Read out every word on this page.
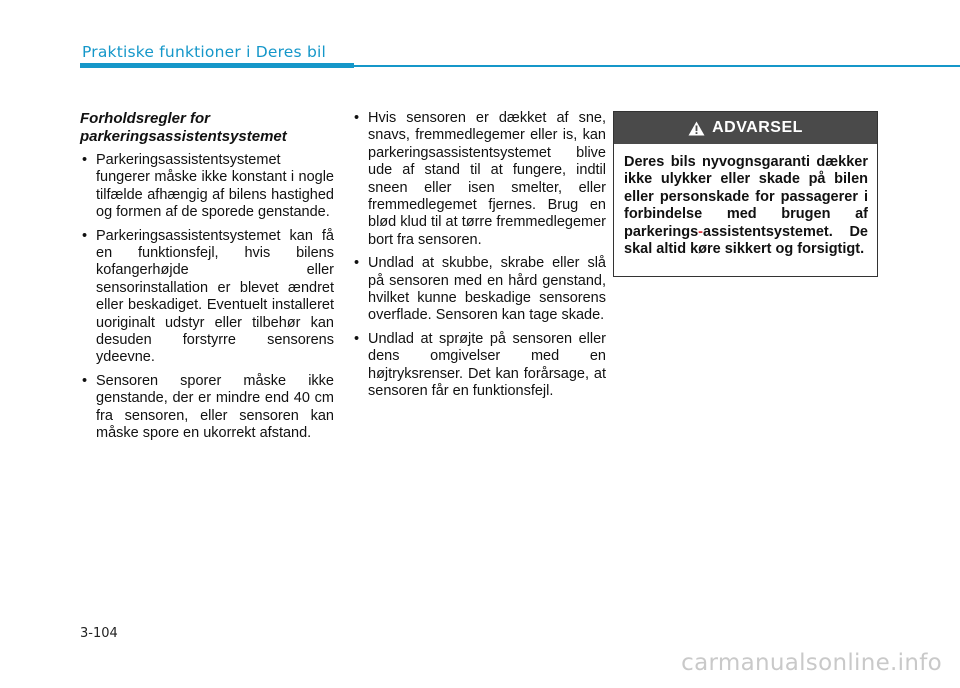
Praktiske funktioner i Deres bil
Forholdsregler for parkeringsassistentsystemet
• Parkeringsassistentsystemet fungerer måske ikke konstant i nogle tilfælde afhængig af bilens hastighed og formen af de sporede genstande.
• Parkeringsassistentsystemet kan få en funktionsfejl, hvis bilens kofangerhøjde eller sensorinstallation er blevet ændret eller beskadiget. Eventuelt installeret uoriginalt udstyr eller tilbehør kan desuden forstyrre sensorens ydeevne.
• Sensoren sporer måske ikke genstande, der er mindre end 40 cm fra sensoren, eller sensoren kan måske spore en ukorrekt afstand.
• Hvis sensoren er dækket af sne, snavs, fremmedlegemer eller is, kan parkeringsassistentsystemet blive ude af stand til at fungere, indtil sneen eller isen smelter, eller fremmedlegemet fjernes. Brug en blød klud til at tørre fremmedlegemer bort fra sensoren.
• Undlad at skubbe, skrabe eller slå på sensoren med en hård genstand, hvilket kunne beskadige sensorens overflade. Sensoren kan tage skade.
• Undlad at sprøjte på sensoren eller dens omgivelser med en højtryksrenser. Det kan forårsage, at sensoren får en funktionsfejl.
ADVARSEL
Deres bils nyvognsgaranti dækker ikke ulykker eller skade på bilen eller personskade for passagerer i forbindelse med brugen af parkerings-assistentsystemet. De skal altid køre sikkert og forsigtigt.
3-104
carmanualsonline.info
